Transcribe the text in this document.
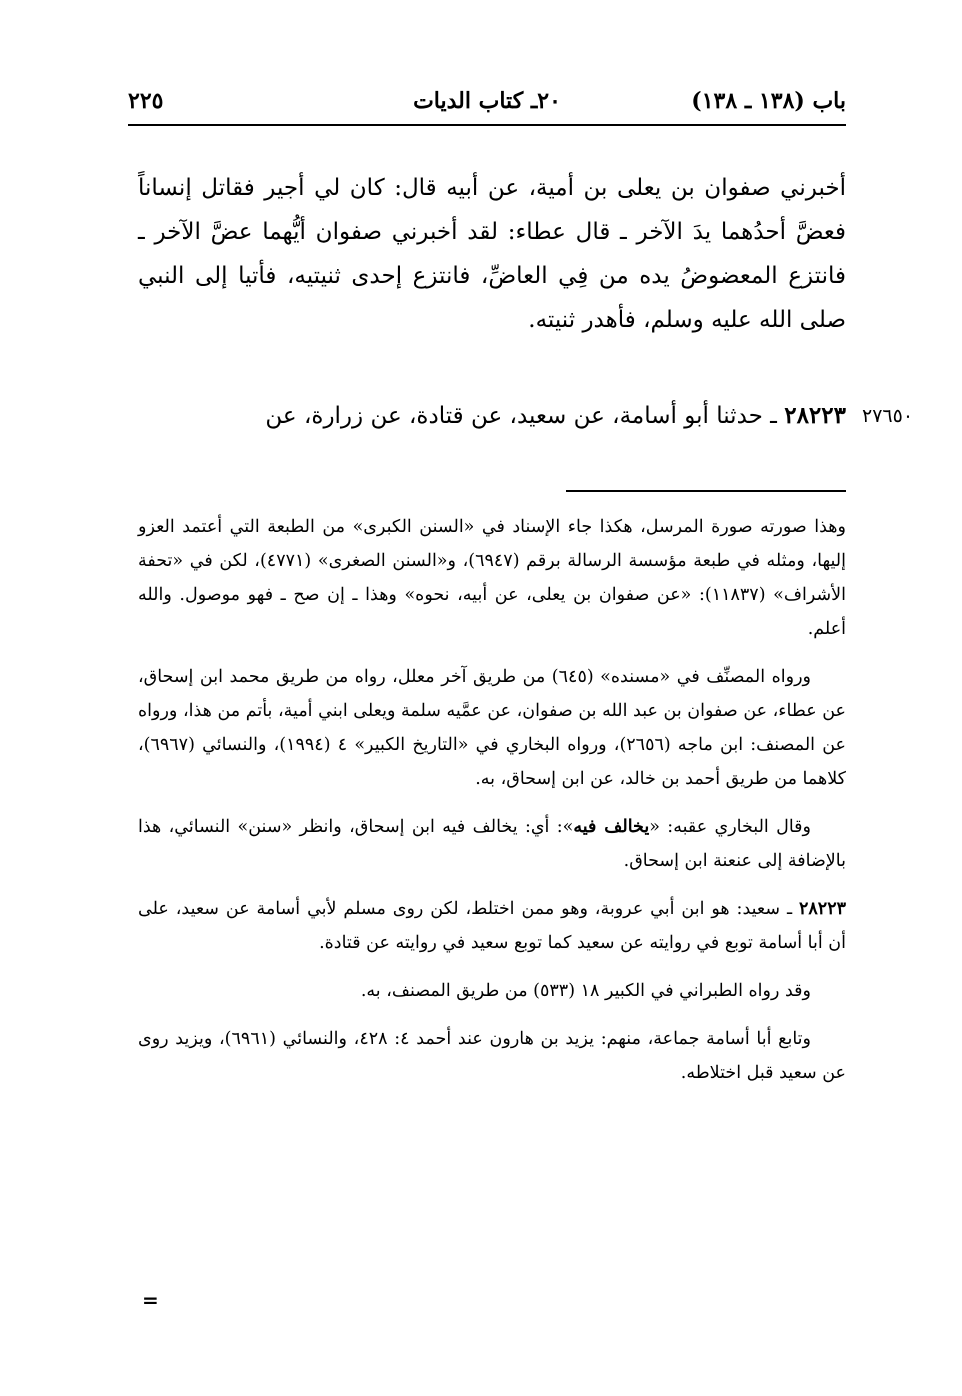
باب (١٣٨ ـ ١٣٨)
٢٠ـ كتاب الديات
٢٢٥

أخبرني صفوان بن يعلى بن أمية، عن أبيه قال: كان لي أجير فقاتل إنساناً فعضَّ أحدُهما يدَ الآخر ـ قال عطاء: لقد أخبرني صفوان أيُّهما عضَّ الآخر ـ فانتزع المعضوضُ يده من فِي العاضِّ، فانتزع إحدى ثنيتيه، فأتيا إلى النبي صلى الله عليه وسلم، فأهدر ثنيته.

٢٨٢٢٣ ـ حدثنا أبو أسامة، عن سعيد، عن قتادة، عن زرارة، عن	٢٧٦٥٠

وهذا صورته صورة المرسل، هكذا جاء الإسناد في «السنن الكبرى» من الطبعة التي أعتمد العزو إليها، ومثله في طبعة مؤسسة الرسالة برقم (٦٩٤٧)، و«السنن الصغرى» (٤٧٧١)، لكن في «تحفة الأشراف» (١١٨٣٧): «عن صفوان بن يعلى، عن أبيه، نحوه» وهذا ـ إن صح ـ فهو موصول. والله أعلم.

ورواه المصنِّف في «مسنده» (٦٤٥) من طريق آخر معلل، رواه من طريق محمد ابن إسحاق، عن عطاء، عن صفوان بن عبد الله بن صفوان، عن عمَّيه سلمة ويعلى ابني أمية، بأتم من هذا، ورواه عن المصنف: ابن ماجه (٢٦٥٦)، ورواه البخاري في «التاريخ الكبير» ٤ (١٩٩٤)، والنسائي (٦٩٦٧)، كلاهما من طريق أحمد بن خالد، عن ابن إسحاق، به.

وقال البخاري عقبه: «يخالف فيه»: أي: يخالف فيه ابن إسحاق، وانظر «سنن» النسائي، هذا بالإضافة إلى عنعنة ابن إسحاق.

٢٨٢٢٣ ـ سعيد: هو ابن أبي عروبة، وهو ممن اختلط، لكن روى مسلم لأبي أسامة عن سعيد، على أن أبا أسامة توبع في روايته عن سعيد كما توبع سعيد في روايته عن قتادة.

وقد رواه الطبراني في الكبير ١٨ (٥٣٣) من طريق المصنف، به.

وتابع أبا أسامة جماعة، منهم: يزيد بن هارون عند أحمد ٤: ٤٢٨، والنسائي (٦٩٦١)، ويزيد روى عن سعيد قبل اختلاطه.

=
